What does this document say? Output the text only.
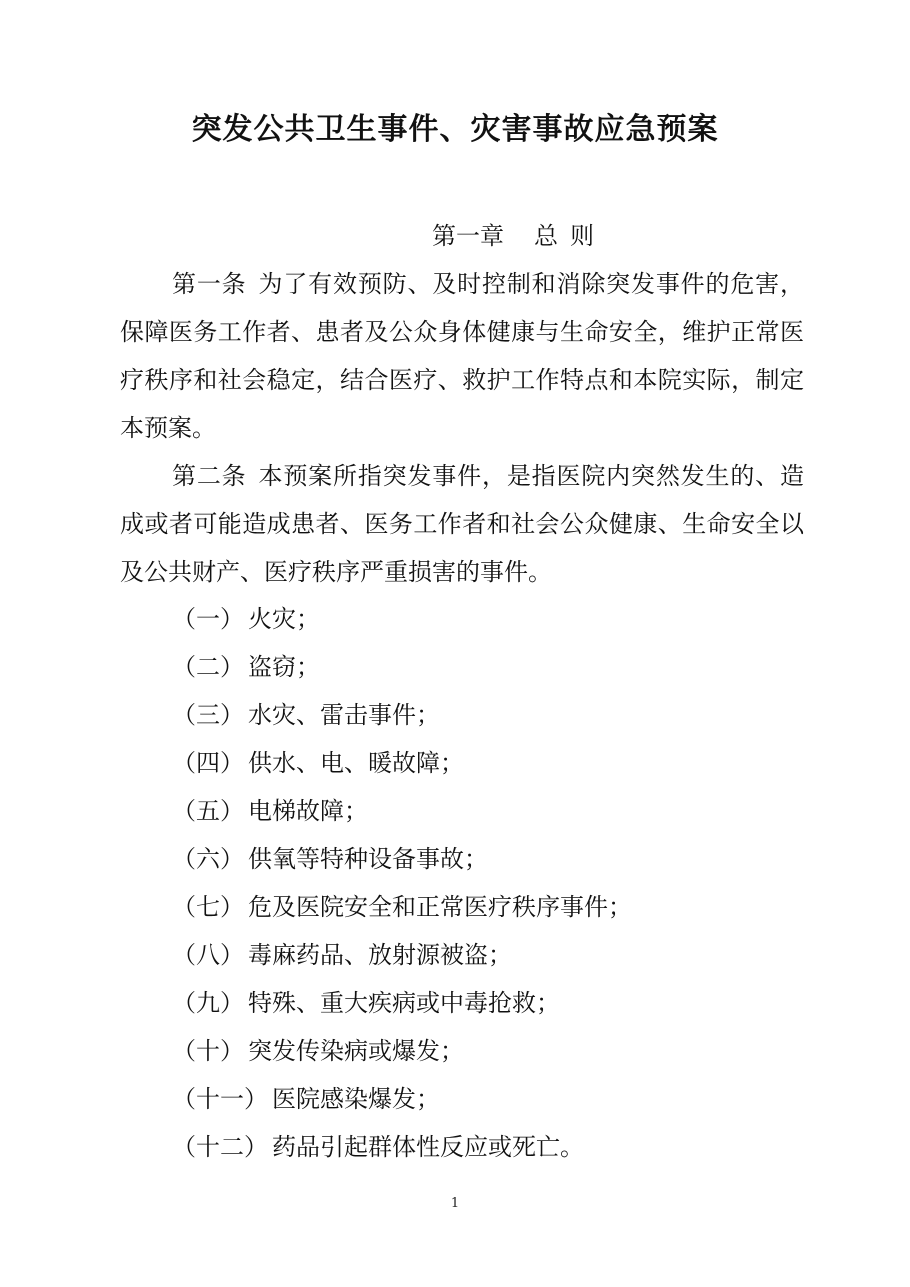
突发公共卫生事件、灾害事故应急预案
第一章 总 则
第一条 为了有效预防、及时控制和消除突发事件的危害，保障医务工作者、患者及公众身体健康与生命安全，维护正常医疗秩序和社会稳定，结合医疗、救护工作特点和本院实际，制定本预案。
第二条 本预案所指突发事件，是指医院内突然发生的、造成或者可能造成患者、医务工作者和社会公众健康、生命安全以及公共财产、医疗秩序严重损害的事件。
（一） 火灾；
（二） 盗窃；
（三） 水灾、雷击事件；
（四） 供水、电、暖故障；
（五） 电梯故障；
（六） 供氧等特种设备事故；
（七） 危及医院安全和正常医疗秩序事件；
（八） 毒麻药品、放射源被盗；
（九） 特殊、重大疾病或中毒抢救；
（十） 突发传染病或爆发；
（十一） 医院感染爆发；
（十二） 药品引起群体性反应或死亡。
1
